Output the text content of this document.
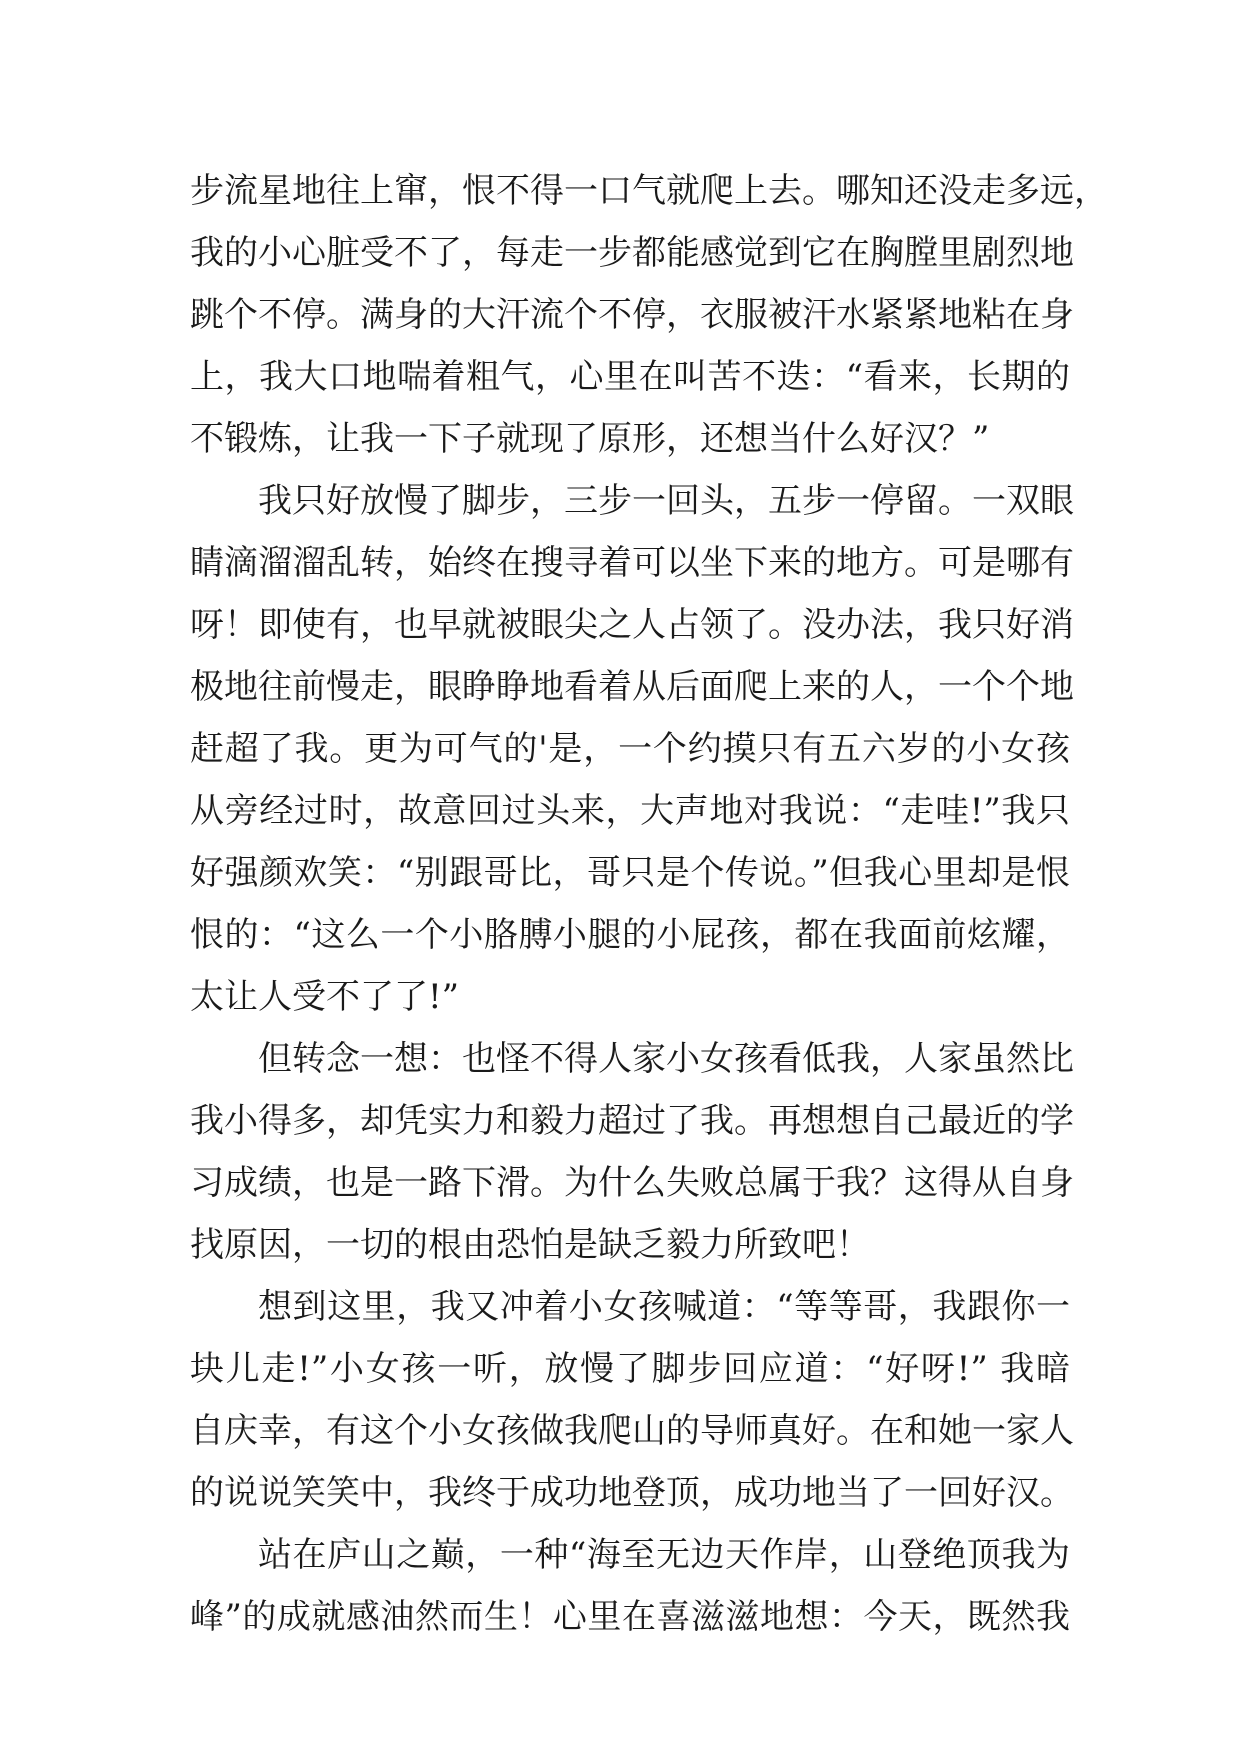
步流星地往上窜，恨不得一口气就爬上去。哪知还没走多远，
我的小心脏受不了，每走一步都能感觉到它在胸膛里剧烈地
跳个不停。满身的大汗流个不停，衣服被汗水紧紧地粘在身
上，我大口地喘着粗气，心里在叫苦不迭：“看来，长期的
不锻炼，让我一下子就现了原形，还想当什么好汉？”
我只好放慢了脚步，三步一回头，五步一停留。一双眼
睛滴溜溜乱转，始终在搜寻着可以坐下来的地方。可是哪有
呀！即使有，也早就被眼尖之人占领了。没办法，我只好消
极地往前慢走，眼睁睁地看着从后面爬上来的人，一个个地
赶超了我。更为可气的'是，一个约摸只有五六岁的小女孩
从旁经过时，故意回过头来，大声地对我说：“走哇!”我只
好强颜欢笑：“别跟哥比，哥只是个传说。”但我心里却是恨
恨的：“这么一个小胳膊小腿的小屁孩，都在我面前炫耀，
太让人受不了了!”
但转念一想：也怪不得人家小女孩看低我，人家虽然比
我小得多，却凭实力和毅力超过了我。再想想自己最近的学
习成绩，也是一路下滑。为什么失败总属于我？这得从自身
找原因，一切的根由恐怕是缺乏毅力所致吧！
想到这里，我又冲着小女孩喊道：“等等哥，我跟你一
块儿走!”小女孩一听，放慢了脚步回应道：“好呀!” 我暗
自庆幸，有这个小女孩做我爬山的导师真好。在和她一家人
的说说笑笑中，我终于成功地登顶，成功地当了一回好汉。
站在庐山之巅，一种“海至无边天作岸，山登绝顶我为
峰”的成就感油然而生！心里在喜滋滋地想：今天，既然我
